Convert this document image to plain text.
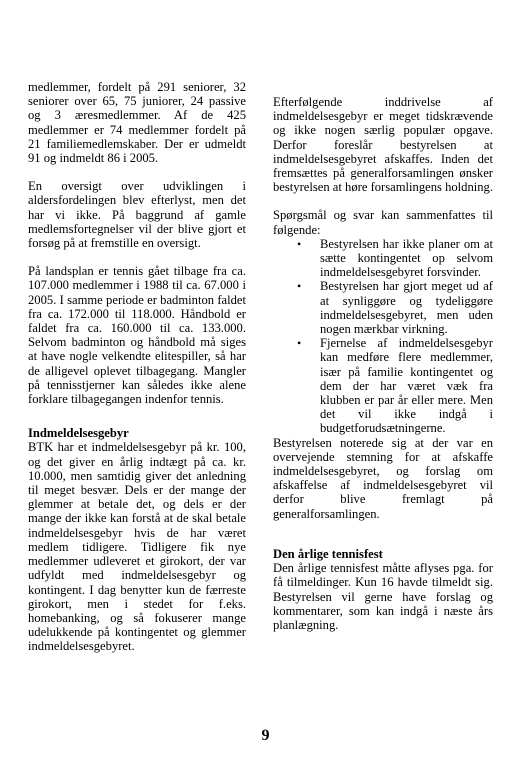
medlemmer, fordelt på 291 seniorer, 32 seniorer over 65, 75 juniorer, 24 passive og 3 æresmedlemmer. Af de 425 medlemmer er 74 medlemmer fordelt på 21 familiemedlemskaber. Der er udmeldt 91 og indmeldt 86 i 2005.

En oversigt over udviklingen i aldersfordelingen blev efterlyst, men det har vi ikke. På baggrund af gamle medlemsfortegnelser vil der blive gjort et forsøg på at fremstille en oversigt.

På landsplan er tennis gået tilbage fra ca. 107.000 medlemmer i 1988 til ca. 67.000 i 2005. I samme periode er badminton faldet fra ca. 172.000 til 118.000. Håndbold er faldet fra ca. 160.000 til ca. 133.000. Selvom badminton og håndbold må siges at have nogle velkendte elitespiller, så har de alligevel oplevet tilbagegang. Mangler på tennisstjerner kan således ikke alene forklare tilbagegangen indenfor tennis.

Indmeldelsesgebyr

BTK har et indmeldelsesgebyr på kr. 100, og det giver en årlig indtægt på ca. kr. 10.000, men samtidig giver det anledning til meget besvær. Dels er der mange der glemmer at betale det, og dels er der mange der ikke kan forstå at de skal betale indmeldelsesgebyr hvis de har været medlem tidligere. Tidligere fik nye medlemmer udleveret et girokort, der var udfyldt med indmeldelsesgebyr og kontingent. I dag benytter kun de færreste girokort, men i stedet for f.eks. homebanking, og så fokuserer mange udelukkende på kontingentet og glemmer indmeldelsesgebyret.

Efterfølgende inddrivelse af indmeldelsesgebyr er meget tidskrævende og ikke nogen særlig populær opgave. Derfor foreslår bestyrelsen at indmeldelsesgebyret afskaffes. Inden det fremsættes på generalforsamlingen ønsker bestyrelsen at høre forsamlingens holdning.

Spørgsmål og svar kan sammenfattes til følgende:

• Bestyrelsen har ikke planer om at sætte kontingentet op selvom indmeldelsesgebyret forsvinder.
• Bestyrelsen har gjort meget ud af at synliggøre og tydeliggøre indmeldelsesgebyret, men uden nogen mærkbar virkning.
• Fjernelse af indmeldelsesgebyr kan medføre flere medlemmer, især på familie kontingentet og dem der har været væk fra klubben er par år eller mere. Men det vil ikke indgå i budgetforudsætningerne.

Bestyrelsen noterede sig at der var en overvejende stemning for at afskaffe indmeldelsesgebyret, og forslag om afskaffelse af indmeldelsesgebyret vil derfor blive fremlagt på generalforsamlingen.

Den årlige tennisfest

Den årlige tennisfest måtte aflyses pga. for få tilmeldinger. Kun 16 havde tilmeldt sig. Bestyrelsen vil gerne have forslag og kommentarer, som kan indgå i næste års planlægning.

9
